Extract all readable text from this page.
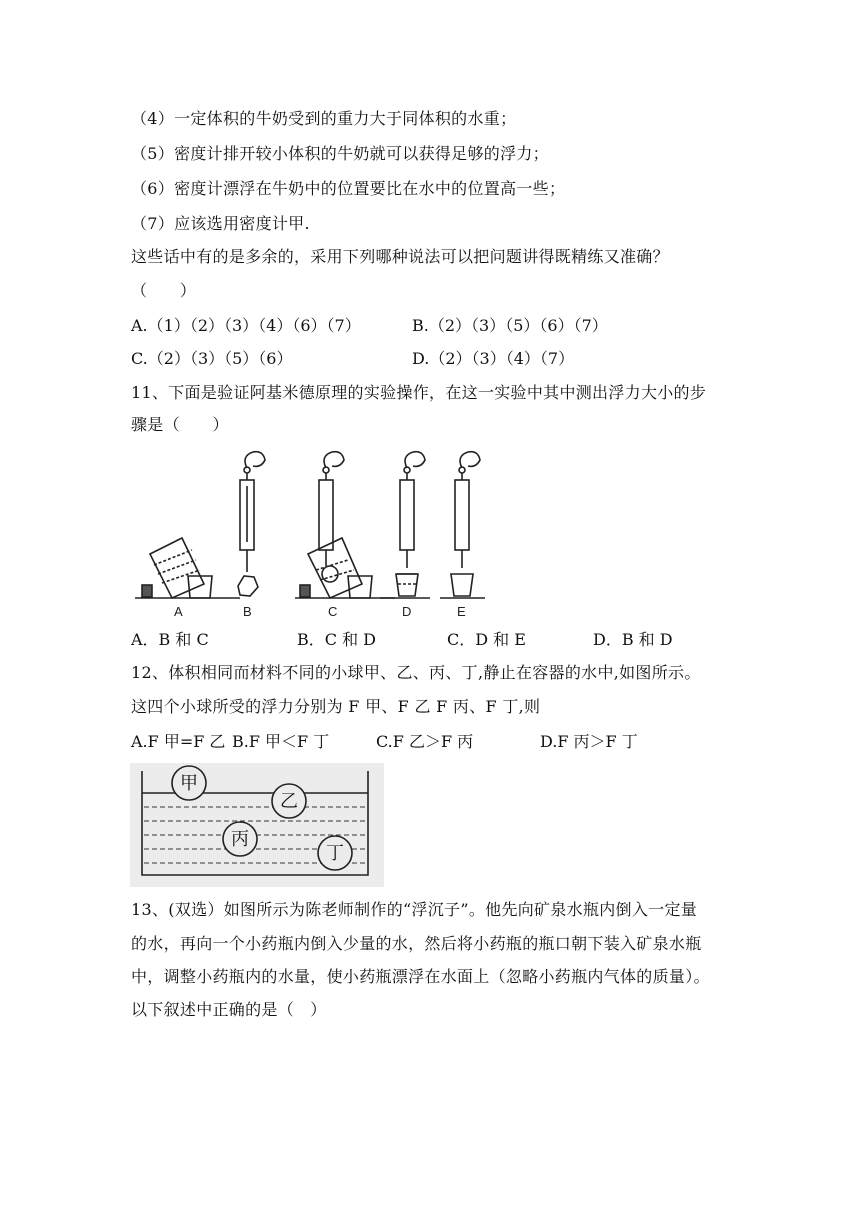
（4）一定体积的牛奶受到的重力大于同体积的水重；
（5）密度计排开较小体积的牛奶就可以获得足够的浮力；
（6）密度计漂浮在牛奶中的位置要比在水中的位置高一些；
（7）应该选用密度计甲.
这些话中有的是多余的，采用下列哪种说法可以把问题讲得既精练又准确？
（　　）
A.（1）（2）（3）（4）（6）（7）	B.（2）（3）（5）（6）（7）
C.（2）（3）（5）（6）	D.（2）（3）（4）（7）
11、下面是验证阿基米德原理的实验操作，在这一实验中其中测出浮力大小的步
骤是（　　）
A	B	C	D	E
A．B 和 C	B．C 和 D	C．D 和 E	D．B 和 D
12、体积相同而材料不同的小球甲、乙、丙、丁,静止在容器的水中,如图所示。
这四个小球所受的浮力分别为 F 甲、F 乙 F 丙、F 丁,则
A.F 甲=F 乙 B.F 甲＜F 丁	C.F 乙＞F 丙	D.F 丙＞F 丁
甲
乙
丙
丁
13、(双选）如图所示为陈老师制作的“浮沉子”。他先向矿泉水瓶内倒入一定量
的水，再向一个小药瓶内倒入少量的水，然后将小药瓶的瓶口朝下装入矿泉水瓶
中，调整小药瓶内的水量，使小药瓶漂浮在水面上（忽略小药瓶内气体的质量）。
以下叙述中正确的是（　）
